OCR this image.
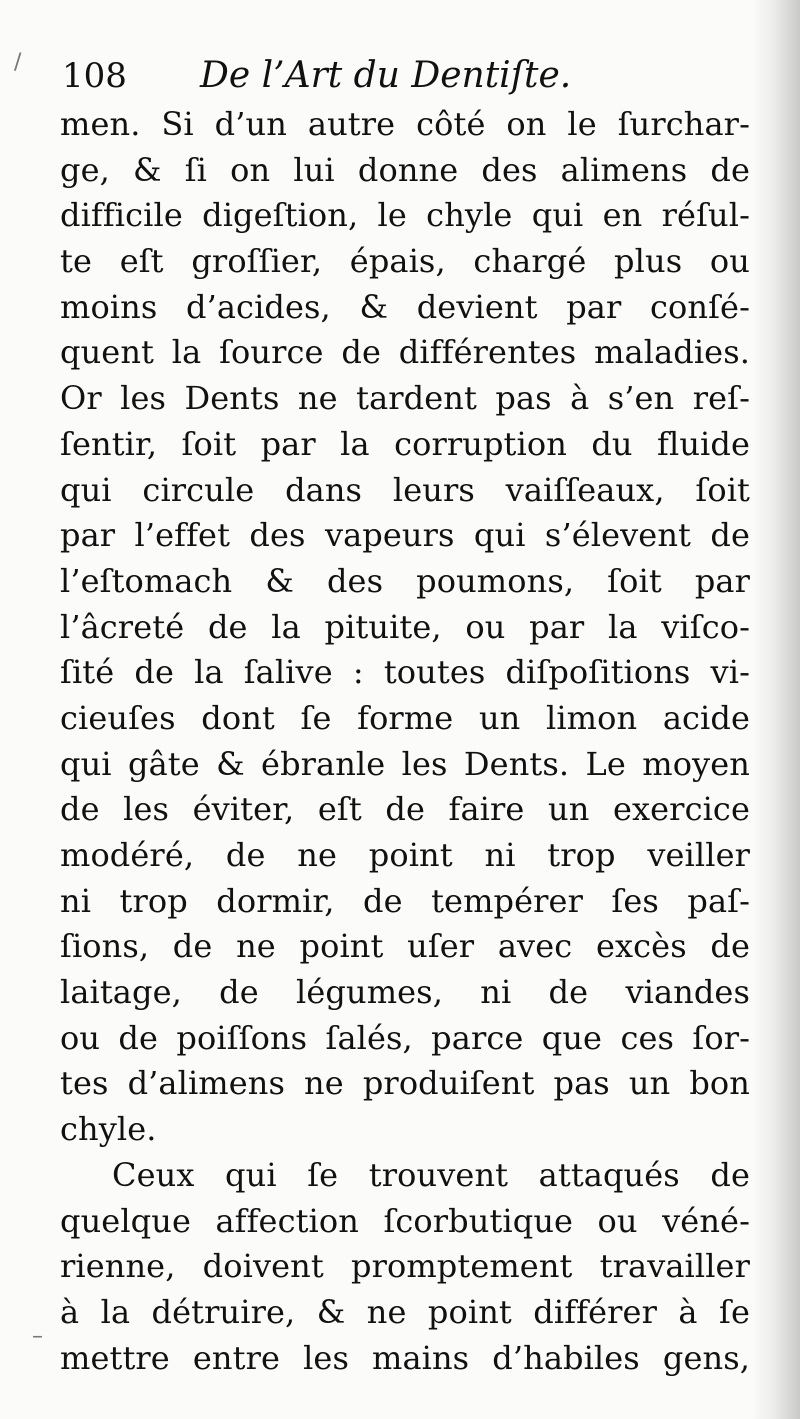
/
–
108 De l’Art du Dentiſte.
men. Si d’un autre côté on le ſurchar-
ge, & ſi on lui donne des alimens de
difficile digeſtion, le chyle qui en réſul-
te eſt groſſier, épais, chargé plus ou
moins d’acides, & devient par conſé-
quent la ſource de différentes maladies.
Or les Dents ne tardent pas à s’en reſ-
ſentir, ſoit par la corruption du fluide
qui circule dans leurs vaiſſeaux, ſoit
par l’effet des vapeurs qui s’élevent de
l’eſtomach & des poumons, ſoit par
l’âcreté de la pituite, ou par la viſco-
ſité de la ſalive : toutes diſpoſitions vi-
cieuſes dont ſe forme un limon acide
qui gâte & ébranle les Dents. Le moyen
de les éviter, eſt de faire un exercice
modéré, de ne point ni trop veiller
ni trop dormir, de tempérer ſes paſ-
ſions, de ne point uſer avec excès de
laitage, de légumes, ni de viandes
ou de poiſſons ſalés, parce que ces ſor-
tes d’alimens ne produiſent pas un bon
chyle.
Ceux qui ſe trouvent attaqués de
quelque affection ſcorbutique ou véné-
rienne, doivent promptement travailler
à la détruire, & ne point différer à ſe
mettre entre les mains d’habiles gens,
